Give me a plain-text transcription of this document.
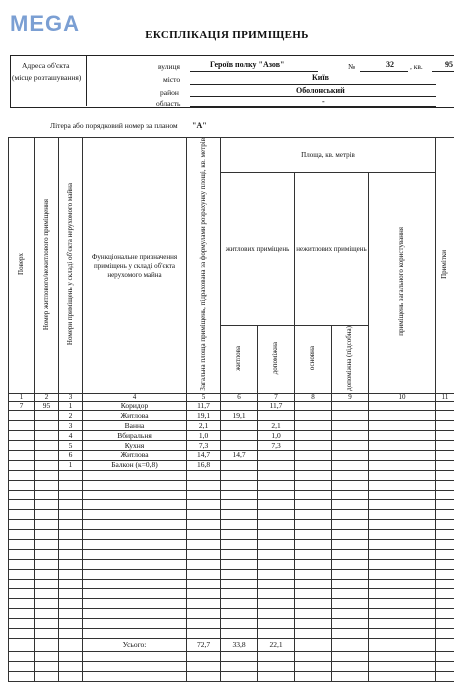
MEGA	ЕКСПЛІКАЦІЯ ПРИМІЩЕНЬ
Адреса об'єкта
(місце розташування)
вулиця	Героїв полку "Азов"	№	32 , кв.	95
місто	Київ
район	Оболонський
область	-
Літера або порядковий номер за планом "А"
Поверх	Номер житлового/нежитлового приміщення	Номери приміщень у складі об'єкта нерухомого майна	Функціональне призначення приміщень у складі об'єкта нерухомого майна	Загальна площа приміщень, підрахована за формулами розрахунку площі, кв. метрів	Площа, кв. метрів					Примітки
					житлових приміщень		нежитлових приміщень		приміщень загального користування	
					житлова	допоміжна	основна	допоміжна (підсобна)		
1	2	3	4	5	6	7	8	9	10	11
7	95	1	Коридор	11,7		11,7				
		2	Житлова	19,1	19,1					
		3	Ванна	2,1		2,1				
		4	Вбиральня	1,0		1,0				
		5	Кухня	7,3		7,3				
		6	Житлова	14,7	14,7					
		1	Балкон (к=0,8)	16,8						

			Усього:	72,7	33,8	22,1				
